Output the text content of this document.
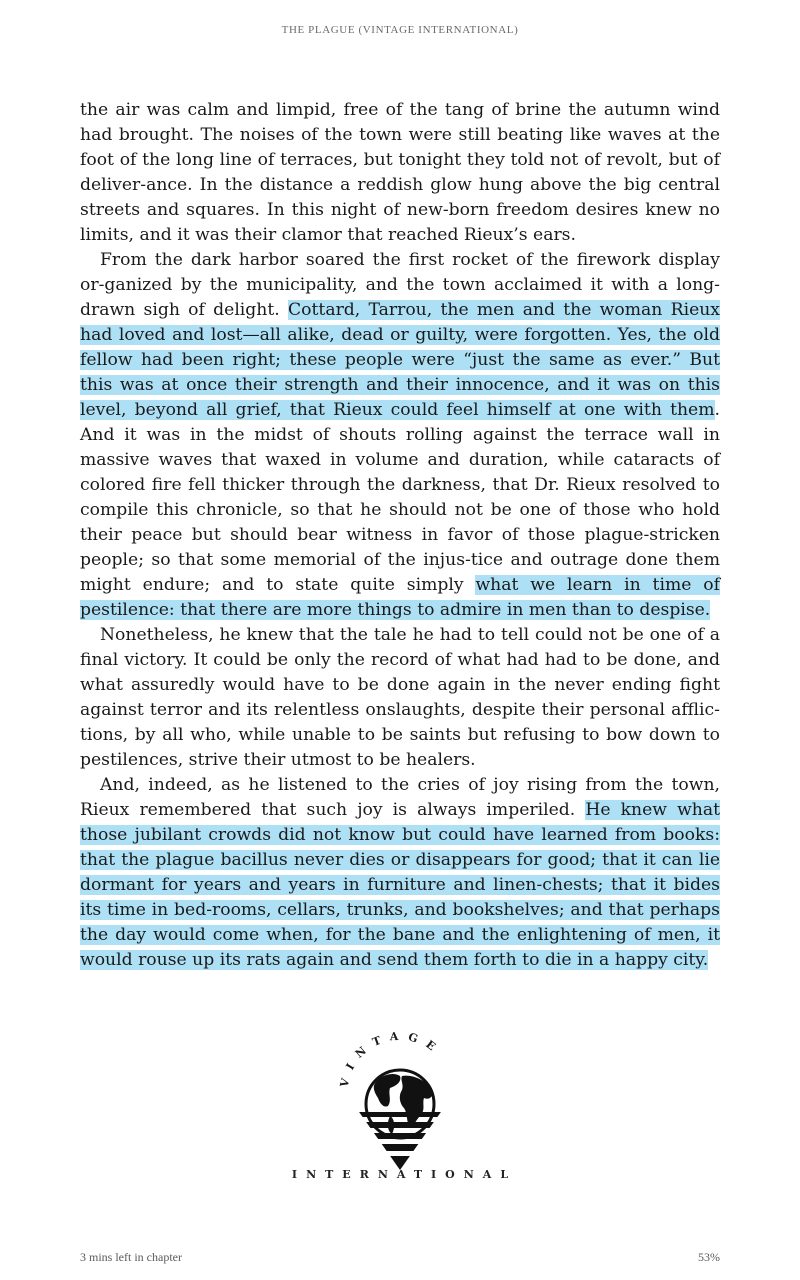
THE PLAGUE (VINTAGE INTERNATIONAL)

the air was calm and limpid, free of the tang of brine the autumn wind had brought. The noises of the town were still beating like waves at the foot of the long line of terraces, but tonight they told not of revolt, but of deliver-ance. In the distance a reddish glow hung above the big central streets and squares. In this night of new-born freedom desires knew no limits, and it was their clamor that reached Rieux’s ears.

From the dark harbor soared the first rocket of the firework display or-ganized by the municipality, and the town acclaimed it with a long-drawn sigh of delight. Cottard, Tarrou, the men and the woman Rieux had loved and lost—all alike, dead or guilty, were forgotten. Yes, the old fellow had been right; these people were “just the same as ever.” But this was at once their strength and their innocence, and it was on this level, beyond all grief, that Rieux could feel himself at one with them. And it was in the midst of shouts rolling against the terrace wall in massive waves that waxed in volume and duration, while cataracts of colored fire fell thicker through the darkness, that Dr. Rieux resolved to compile this chronicle, so that he should not be one of those who hold their peace but should bear witness in favor of those plague-stricken people; so that some memorial of the injus-tice and outrage done them might endure; and to state quite simply what we learn in time of pestilence: that there are more things to admire in men than to despise.

Nonetheless, he knew that the tale he had to tell could not be one of a final victory. It could be only the record of what had had to be done, and what assuredly would have to be done again in the never ending fight against terror and its relentless onslaughts, despite their personal afflic-tions, by all who, while unable to be saints but refusing to bow down to pestilences, strive their utmost to be healers.

And, indeed, as he listened to the cries of joy rising from the town, Rieux remembered that such joy is always imperiled. He knew what those jubilant crowds did not know but could have learned from books: that the plague bacillus never dies or disappears for good; that it can lie dormant for years and years in furniture and linen-chests; that it bides its time in bed-rooms, cellars, trunks, and bookshelves; and that perhaps the day would come when, for the bane and the enlightening of men, it would rouse up its rats again and send them forth to die in a happy city.

VINTAGE
INTERNATIONAL
3 mins left in chapter	53%
